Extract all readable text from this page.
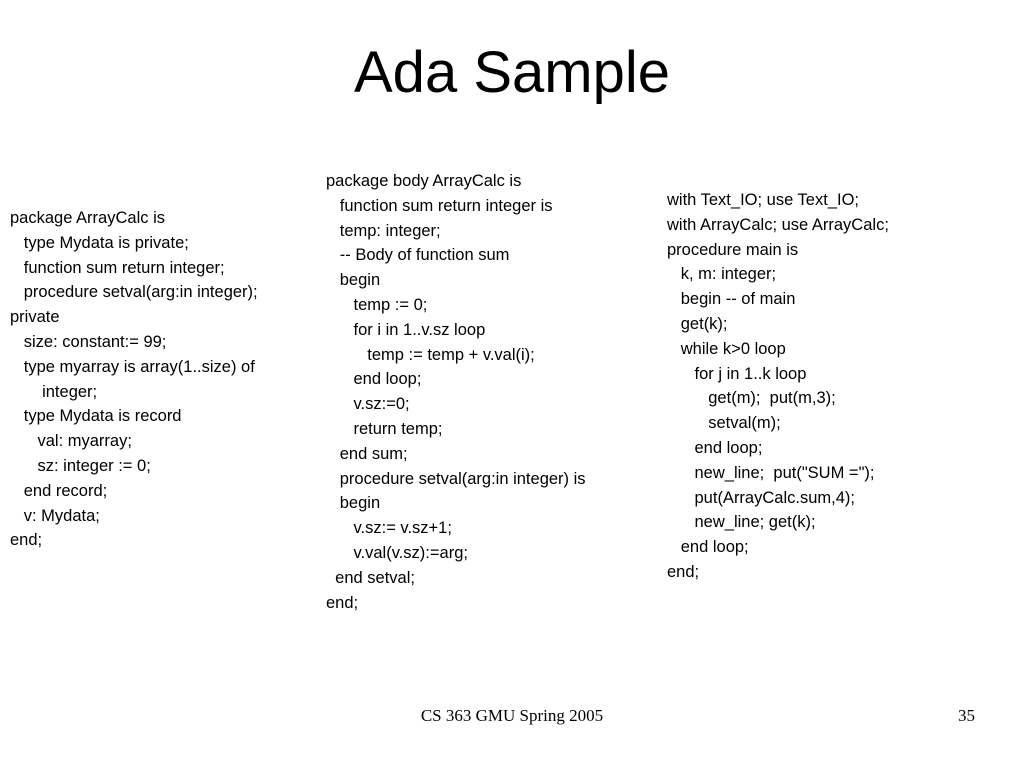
Ada Sample
package ArrayCalc is
type Mydata is private;
function sum return integer;
procedure setval(arg:in integer);
private
size: constant:= 99;
type myarray is array(1..size) of
integer;
type Mydata is record
val: myarray;
sz: integer := 0;
end record;
v: Mydata;
end;
package body ArrayCalc is
function sum return integer is
temp: integer;
-- Body of function sum
begin
temp := 0;
for i in 1..v.sz loop
temp := temp + v.val(i);
end loop;
v.sz:=0;
return temp;
end sum;
procedure setval(arg:in integer) is
begin
v.sz:= v.sz+1;
v.val(v.sz):=arg;
end setval;
end;
with Text_IO; use Text_IO;
with ArrayCalc; use ArrayCalc;
procedure main is
k, m: integer;
begin -- of main
get(k);
while k>0 loop
for j in 1..k loop
get(m);  put(m,3);
setval(m);
end loop;
new_line;  put("SUM =");
put(ArrayCalc.sum,4);
new_line; get(k);
end loop;
end;
CS 363 GMU Spring 2005	35
